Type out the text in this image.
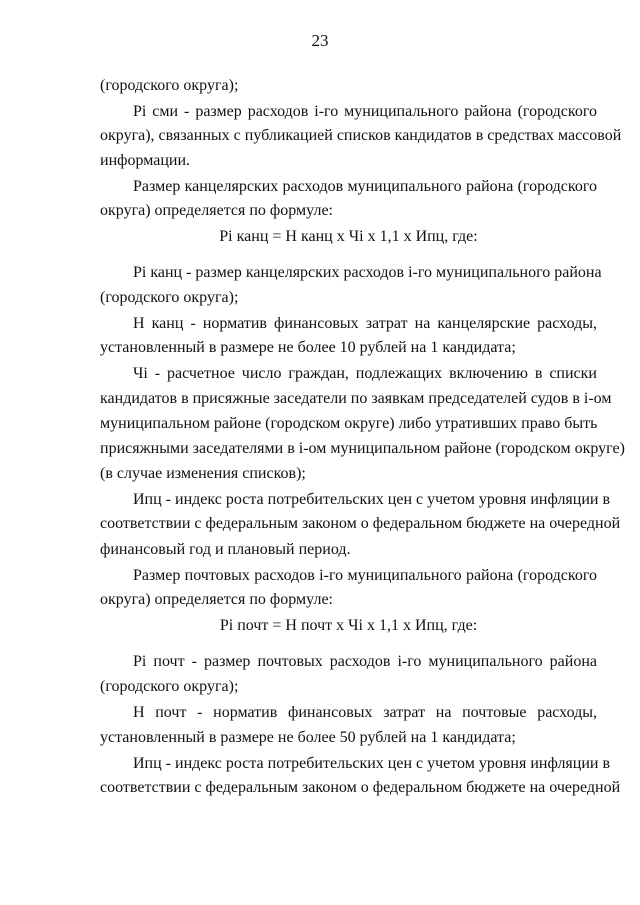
23
(городского округа);
Pi сми - размер расходов i-го муниципального района (городского
округа), связанных с публикацией списков кандидатов в средствах массовой
информации.
Размер канцелярских расходов муниципального района (городского
округа) определяется по формуле:
Pi канц = Н канц х Чi х 1,1 х Ипц, где:
Pi канц - размер канцелярских расходов i-го муниципального района
(городского округа);
Н канц - норматив финансовых затрат на канцелярские расходы,
установленный в размере не более 10 рублей на 1 кандидата;
Чi - расчетное число граждан, подлежащих включению в списки
кандидатов в присяжные заседатели по заявкам председателей судов в i-ом
муниципальном районе (городском округе) либо утративших право быть
присяжными заседателями в i-ом муниципальном районе (городском округе)
(в случае изменения списков);
Ипц - индекс роста потребительских цен с учетом уровня инфляции в
соответствии с федеральным законом о федеральном бюджете на очередной
финансовый год и плановый период.
Размер почтовых расходов i-го муниципального района (городского
округа) определяется по формуле:
Pi почт = Н почт х Чi х 1,1 х Ипц, где:
Pi почт - размер почтовых расходов i-го муниципального района
(городского округа);
Н почт - норматив финансовых затрат на почтовые расходы,
установленный в размере не более 50 рублей на 1 кандидата;
Ипц - индекс роста потребительских цен с учетом уровня инфляции в
соответствии с федеральным законом о федеральном бюджете на очередной
